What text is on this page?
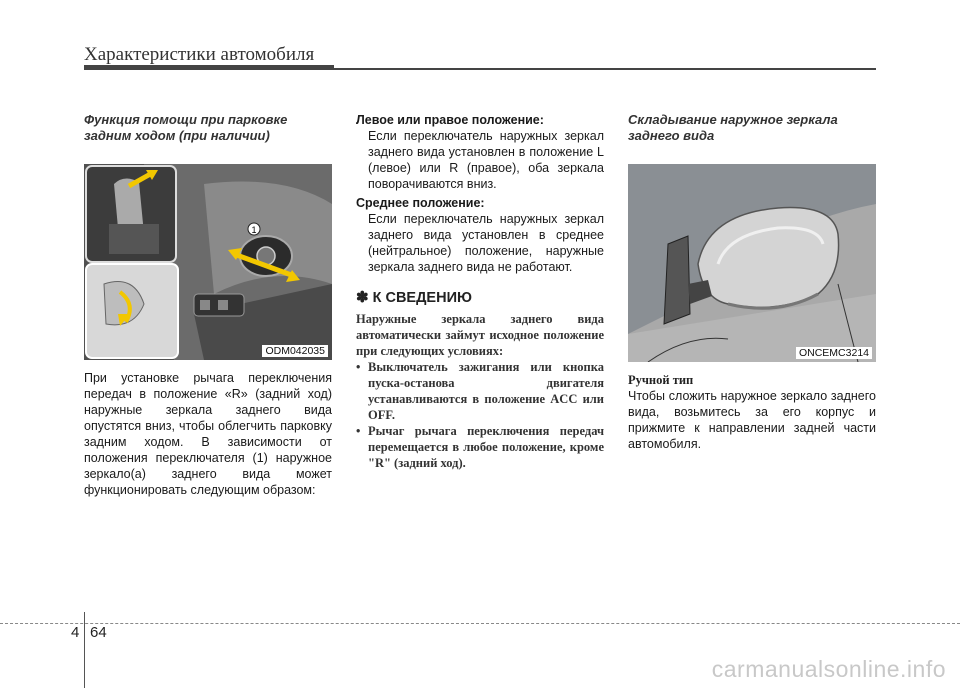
Характеристики автомобиля
Функция помощи при парковке задним ходом (при наличии)
1
ODM042035

При установке рычага переключения передач в положение «R» (задний ход) наружные зеркала заднего вида опустятся вниз, чтобы облегчить парковку задним ходом. В зависимости от положения переключателя (1) наружное зеркало(а) заднего вида может функционировать следующим образом:

Левое или правое положение:

Если переключатель наружных зеркал заднего вида установлен в положение L (левое) или R (правое), оба зеркала поворачиваются вниз.

Среднее положение:

Если переключатель наружных зеркал заднего вида установлен в среднее (нейтральное) положение, наружные зеркала заднего вида не работают.

✽ К СВЕДЕНИЮ

Наружные зеркала заднего вида автоматически займут исходное положение при следующих условиях:

• Выключатель зажигания или кнопка пуска-останова двигателя устанавливаются в положение ACC или OFF.
• Рычаг рычага переключения передач перемещается в любое положение, кроме "R" (задний ход).
Складывание наружное зеркала заднего вида
ONCEMC3214

Ручной тип

Чтобы сложить наружное зеркало заднего вида, возьмитесь за его корпус и прижмите к направлении задней части автомобиля.

4 64
carmanualsonline.info
